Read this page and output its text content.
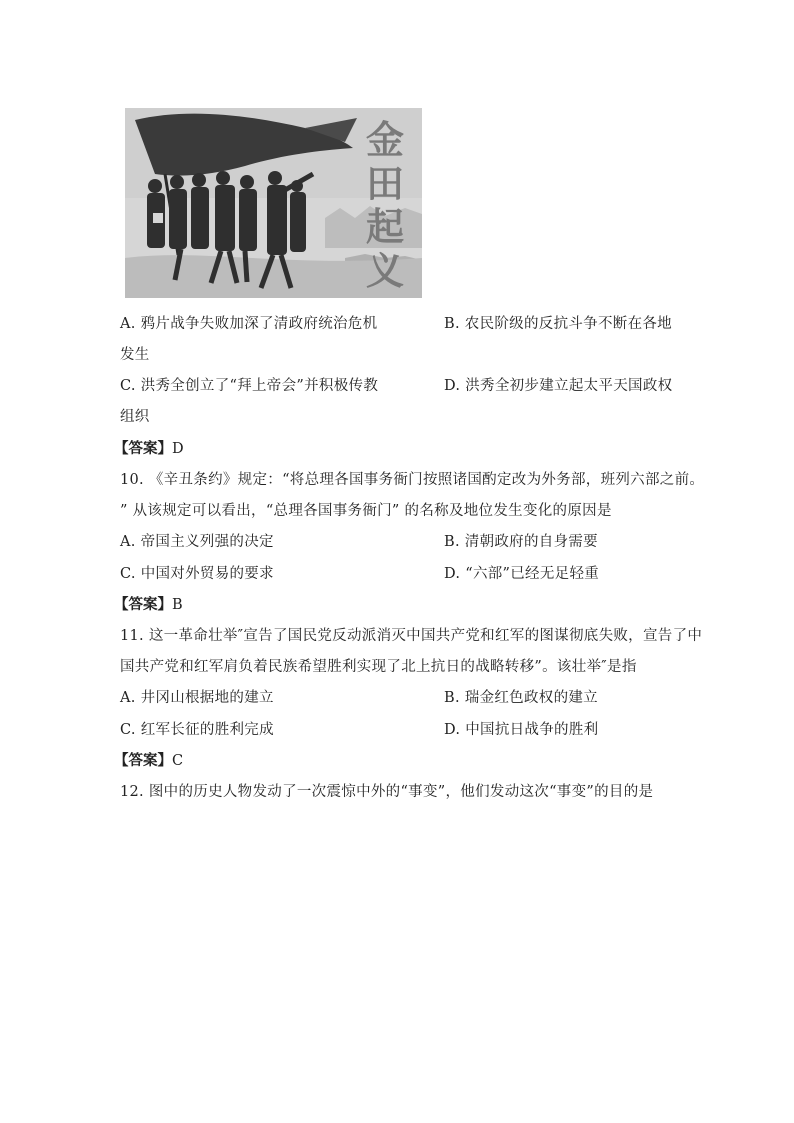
金
田
起
义
A. 鸦片战争失败加深了清政府统治危机	B. 农民阶级的反抗斗争不断在各地
发生
C. 洪秀全创立了“拜上帝会”并积极传教	D. 洪秀全初步建立起太平天国政权
组织
【答案】D
10. 《辛丑条约》规定：“将总理各国事务衙门按照诸国酌定改为外务部，班列六部之前。
” 从该规定可以看出，“总理各国事务衙门” 的名称及地位发生变化的原因是
A. 帝国主义列强的决定	B. 清朝政府的自身需要
C. 中国对外贸易的要求	D. “六部”已经无足轻重
【答案】B
11. 这一革命壮举″宣告了国民党反动派消灭中国共产党和红军的图谋彻底失败，宣告了中
国共产党和红军肩负着民族希望胜利实现了北上抗日的战略转移”。该壮举″是指
A. 井冈山根据地的建立	B. 瑞金红色政权的建立
C. 红军长征的胜利完成	D. 中国抗日战争的胜利
【答案】C
12. 图中的历史人物发动了一次震惊中外的“事变”，他们发动这次“事变”的目的是
